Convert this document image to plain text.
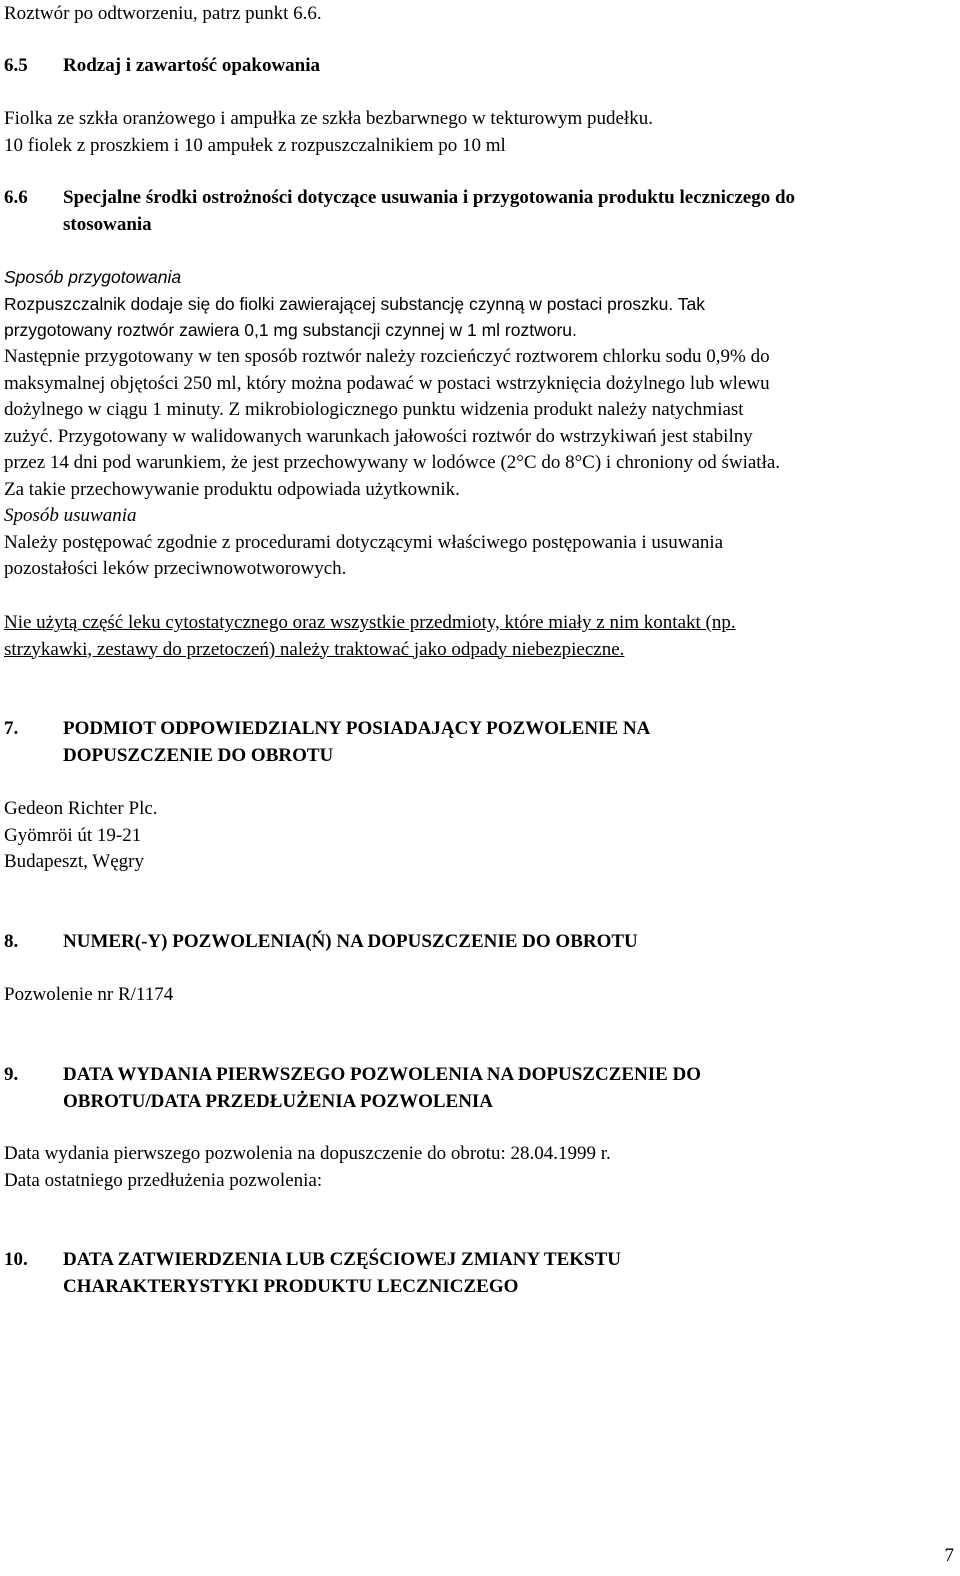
Roztwór po odtworzeniu, patrz punkt 6.6.
6.5 Rodzaj i zawartość opakowania
Fiolka ze szkła oranżowego i ampułka ze szkła bezbarwnego w tekturowym pudełku.
10 fiolek z proszkiem i 10 ampułek z rozpuszczalnikiem po 10 ml
6.6 Specjalne środki ostrożności dotyczące usuwania i przygotowania produktu leczniczego do
stosowania
Sposób przygotowania
Rozpuszczalnik dodaje się do fiolki zawierającej substancję czynną w postaci proszku. Tak
przygotowany roztwór zawiera 0,1 mg substancji czynnej w 1 ml roztworu.
Następnie przygotowany w ten sposób roztwór należy rozcieńczyć roztworem chlorku sodu 0,9% do
maksymalnej objętości 250 ml, który można podawać w postaci wstrzyknięcia dożylnego lub wlewu
dożylnego w ciągu 1 minuty. Z mikrobiologicznego punktu widzenia produkt należy natychmiast
zużyć. Przygotowany w walidowanych warunkach jałowości roztwór do wstrzykiwań jest stabilny
przez 14 dni pod warunkiem, że jest przechowywany w lodówce (2°C do 8°C) i chroniony od światła.
Za takie przechowywanie produktu odpowiada użytkownik.
Sposób usuwania
Należy postępować zgodnie z procedurami dotyczącymi właściwego postępowania i usuwania
pozostałości leków przeciwnowotworowych.
Nie użytą część leku cytostatycznego oraz wszystkie przedmioty, które miały z nim kontakt (np.
strzykawki, zestawy do przetoczeń) należy traktować jako odpady niebezpieczne.
7. PODMIOT ODPOWIEDZIALNY POSIADAJĄCY POZWOLENIE NA
DOPUSZCZENIE DO OBROTU
Gedeon Richter Plc.
Gyömröi út 19-21
Budapeszt, Węgry
8. NUMER(-Y) POZWOLENIA(Ń) NA DOPUSZCZENIE DO OBROTU
Pozwolenie nr R/1174
9. DATA WYDANIA PIERWSZEGO POZWOLENIA NA DOPUSZCZENIE DO
OBROTU/DATA PRZEDŁUŻENIA POZWOLENIA
Data wydania pierwszego pozwolenia na dopuszczenie do obrotu: 28.04.1999 r.
Data ostatniego przedłużenia pozwolenia:
10. DATA ZATWIERDZENIA LUB CZĘŚCIOWEJ ZMIANY TEKSTU
CHARAKTERYSTYKI PRODUKTU LECZNICZEGO
7
